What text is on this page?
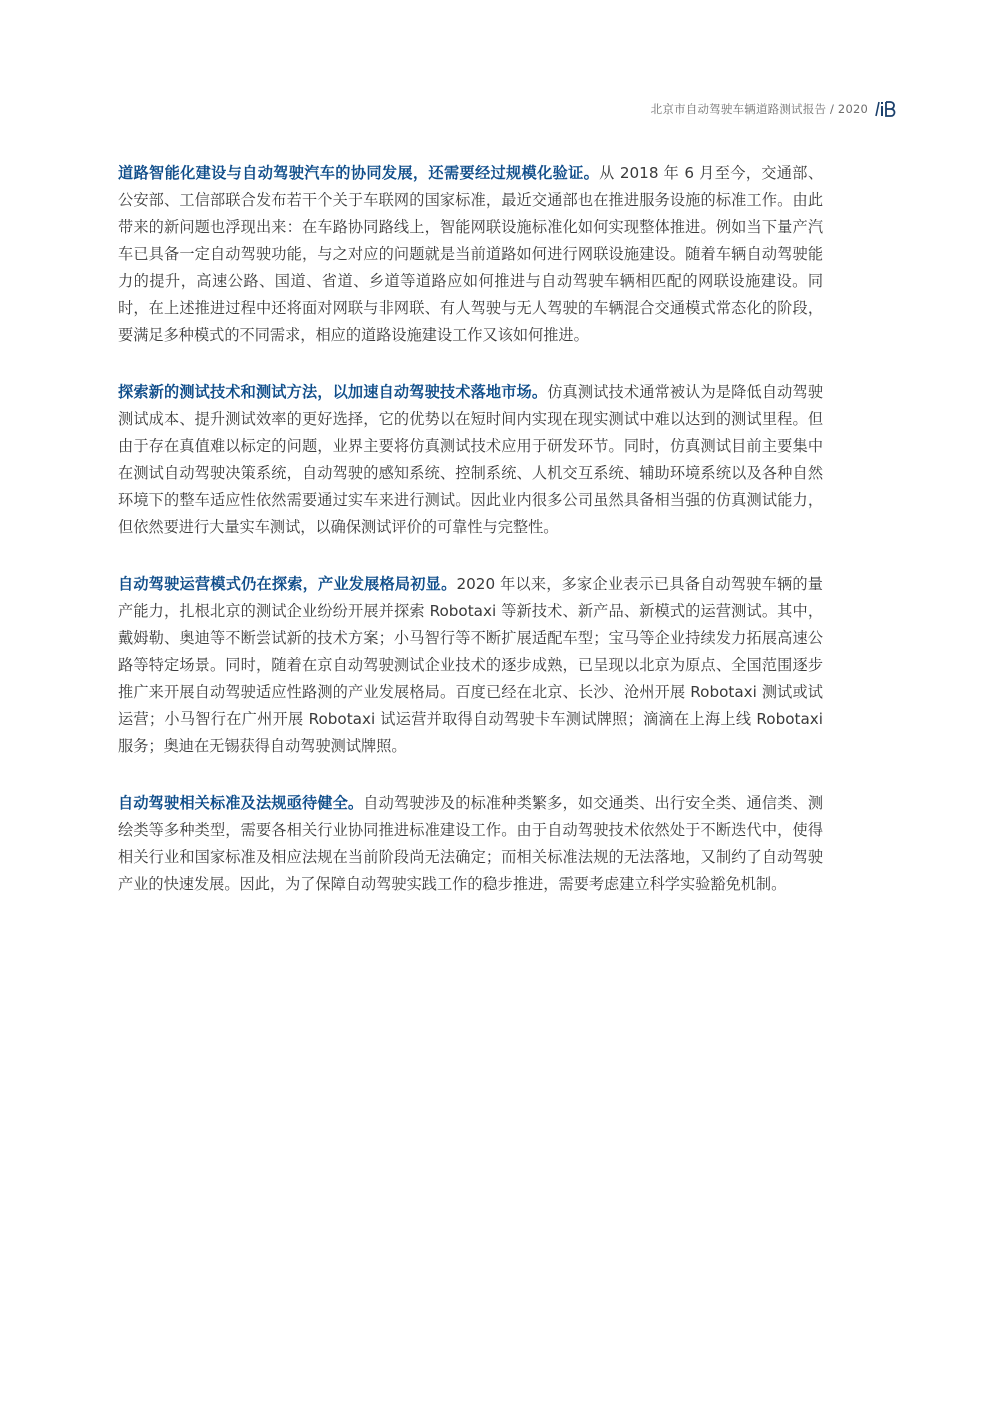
北京市自动驾驶车辆道路测试报告 / 2020

道路智能化建设与自动驾驶汽车的协同发展，还需要经过规模化验证。从 2018 年 6 月至今，交通部、公安部、工信部联合发布若干个关于车联网的国家标准，最近交通部也在推进服务设施的标准工作。由此带来的新问题也浮现出来：在车路协同路线上，智能网联设施标准化如何实现整体推进。例如当下量产汽车已具备一定自动驾驶功能，与之对应的问题就是当前道路如何进行网联设施建设。随着车辆自动驾驶能力的提升，高速公路、国道、省道、乡道等道路应如何推进与自动驾驶车辆相匹配的网联设施建设。同时，在上述推进过程中还将面对网联与非网联、有人驾驶与无人驾驶的车辆混合交通模式常态化的阶段，要满足多种模式的不同需求，相应的道路设施建设工作又该如何推进。

探索新的测试技术和测试方法，以加速自动驾驶技术落地市场。仿真测试技术通常被认为是降低自动驾驶测试成本、提升测试效率的更好选择，它的优势以在短时间内实现在现实测试中难以达到的测试里程。但由于存在真值难以标定的问题，业界主要将仿真测试技术应用于研发环节。同时，仿真测试目前主要集中在测试自动驾驶决策系统，自动驾驶的感知系统、控制系统、人机交互系统、辅助环境系统以及各种自然环境下的整车适应性依然需要通过实车来进行测试。因此业内很多公司虽然具备相当强的仿真测试能力，但依然要进行大量实车测试，以确保测试评价的可靠性与完整性。

自动驾驶运营模式仍在探索，产业发展格局初显。2020 年以来，多家企业表示已具备自动驾驶车辆的量产能力，扎根北京的测试企业纷纷开展并探索 Robotaxi 等新技术、新产品、新模式的运营测试。其中，戴姆勒、奥迪等不断尝试新的技术方案；小马智行等不断扩展适配车型；宝马等企业持续发力拓展高速公路等特定场景。同时，随着在京自动驾驶测试企业技术的逐步成熟，已呈现以北京为原点、全国范围逐步推广来开展自动驾驶适应性路测的产业发展格局。百度已经在北京、长沙、沧州开展 Robotaxi 测试或试运营；小马智行在广州开展 Robotaxi 试运营并取得自动驾驶卡车测试牌照；滴滴在上海上线 Robotaxi 服务；奥迪在无锡获得自动驾驶测试牌照。

自动驾驶相关标准及法规亟待健全。自动驾驶涉及的标准种类繁多，如交通类、出行安全类、通信类、测绘类等多种类型，需要各相关行业协同推进标准建设工作。由于自动驾驶技术依然处于不断迭代中，使得相关行业和国家标准及相应法规在当前阶段尚无法确定；而相关标准法规的无法落地，又制约了自动驾驶产业的快速发展。因此，为了保障自动驾驶实践工作的稳步推进，需要考虑建立科学实验豁免机制。
